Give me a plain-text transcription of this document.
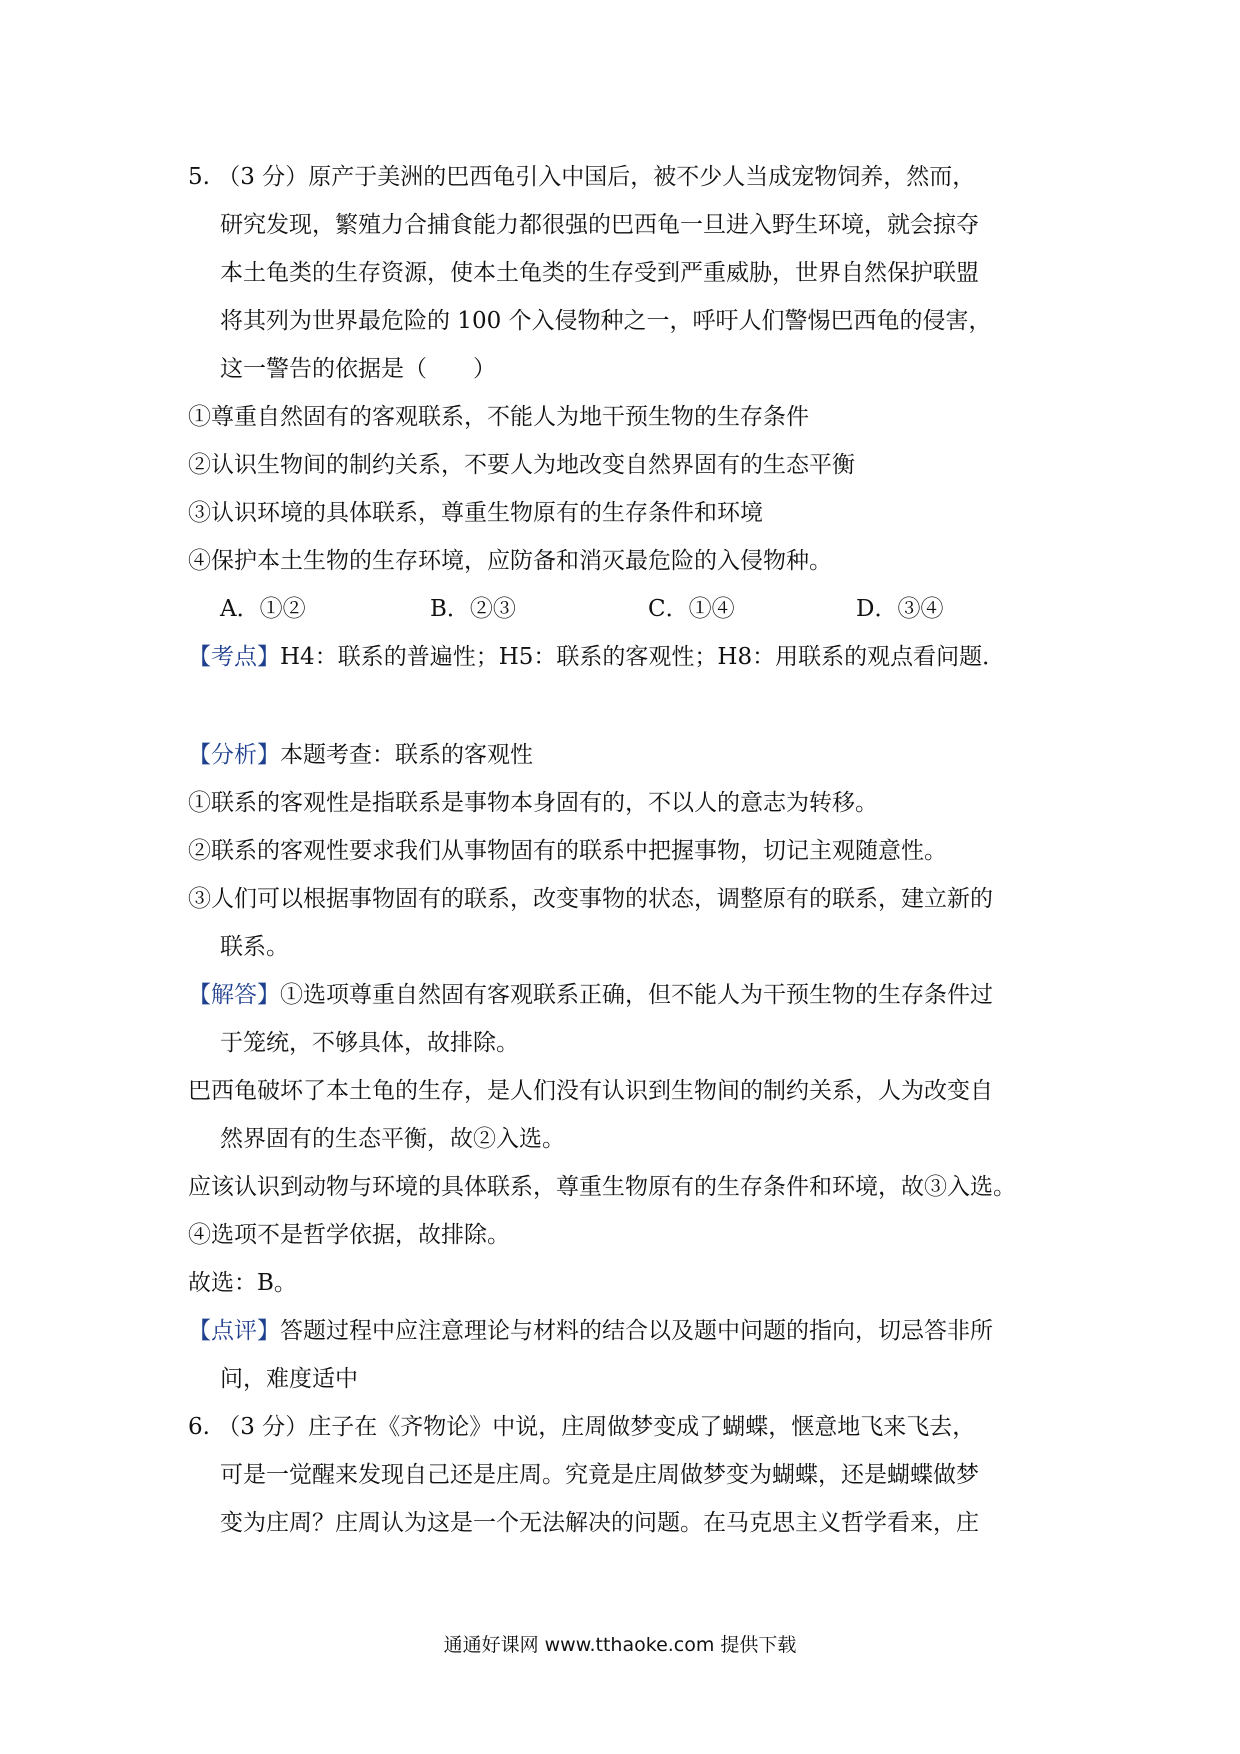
5. （3 分）原产于美洲的巴西龟引入中国后，被不少人当成宠物饲养，然而，
研究发现，繁殖力合捕食能力都很强的巴西龟一旦进入野生环境，就会掠夺
本土龟类的生存资源，使本土龟类的生存受到严重威胁，世界自然保护联盟
将其列为世界最危险的 100 个入侵物种之一，呼吁人们警惕巴西龟的侵害，
这一警告的依据是（　　）
①尊重自然固有的客观联系，不能人为地干预生物的生存条件
②认识生物间的制约关系，不要人为地改变自然界固有的生态平衡
③认识环境的具体联系，尊重生物原有的生存条件和环境
④保护本土生物的生存环境，应防备和消灭最危险的入侵物种。
A．①②	B．②③	C．①④	D．③④
【考点】H4：联系的普遍性；H5：联系的客观性；H8：用联系的观点看问题．
【分析】本题考查：联系的客观性
①联系的客观性是指联系是事物本身固有的，不以人的意志为转移。
②联系的客观性要求我们从事物固有的联系中把握事物，切记主观随意性。
③人们可以根据事物固有的联系，改变事物的状态，调整原有的联系，建立新的
联系。
【解答】①选项尊重自然固有客观联系正确，但不能人为干预生物的生存条件过
于笼统，不够具体，故排除。
巴西龟破坏了本土龟的生存，是人们没有认识到生物间的制约关系，人为改变自
然界固有的生态平衡，故②入选。
应该认识到动物与环境的具体联系，尊重生物原有的生存条件和环境，故③入选。
④选项不是哲学依据，故排除。
故选：B。
【点评】答题过程中应注意理论与材料的结合以及题中问题的指向，切忌答非所
问，难度适中
6. （3 分）庄子在《齐物论》中说，庄周做梦变成了蝴蝶，惬意地飞来飞去，
可是一觉醒来发现自己还是庄周。究竟是庄周做梦变为蝴蝶，还是蝴蝶做梦
变为庄周？庄周认为这是一个无法解决的问题。在马克思主义哲学看来，庄
通通好课网 www.tthaoke.com 提供下载
